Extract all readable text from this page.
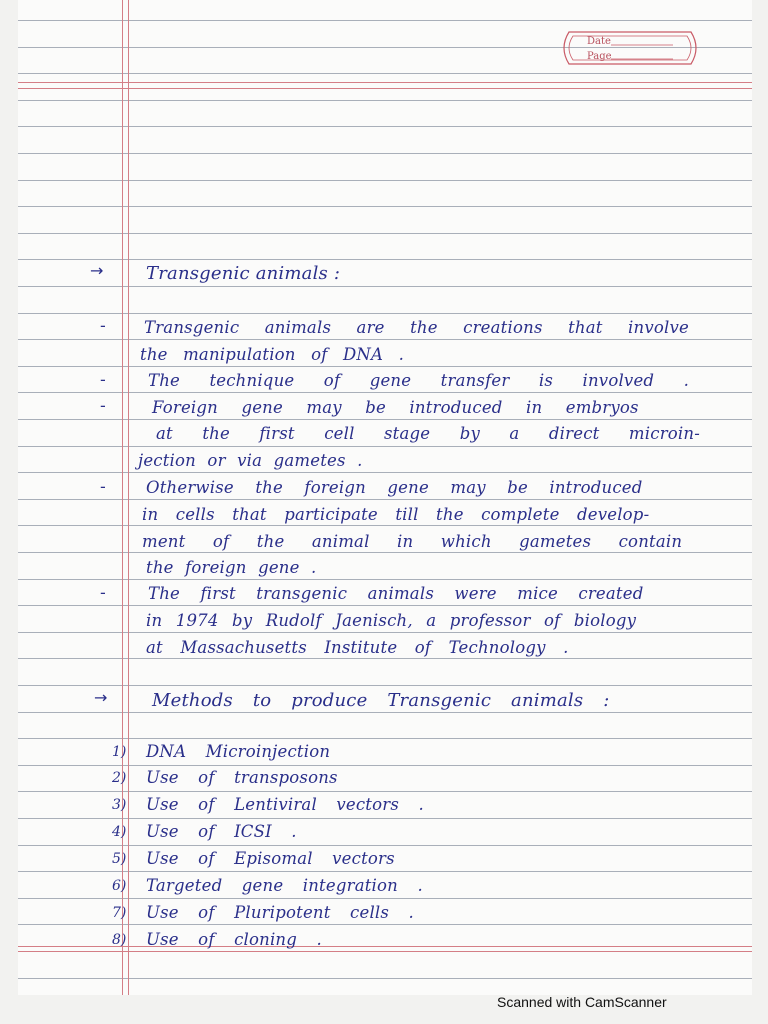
Date
Page
→ Transgenic animals :
-
-
-
-
-
Transgenic animals are the creations that involve
the manipulation of DNA .
The technique of gene transfer is involved .
Foreign gene may be introduced in embryos
at the first cell stage by a direct microin-
jection or via gametes .
Otherwise the foreign gene may be introduced
in cells that participate till the complete develop-
ment of the animal in which gametes contain
the foreign gene .
The first transgenic animals were mice created
in 1974 by Rudolf Jaenisch, a professor of biology
at Massachusetts Institute of Technology .
→ Methods to produce Transgenic animals :
1) DNA Microinjection
2) Use of transposons
3) Use of Lentiviral vectors .
4) Use of ICSI .
5) Use of Episomal vectors
6) Targeted gene integration .
7) Use of Pluripotent cells .
8) Use of cloning .
Scanned with CamScanner
